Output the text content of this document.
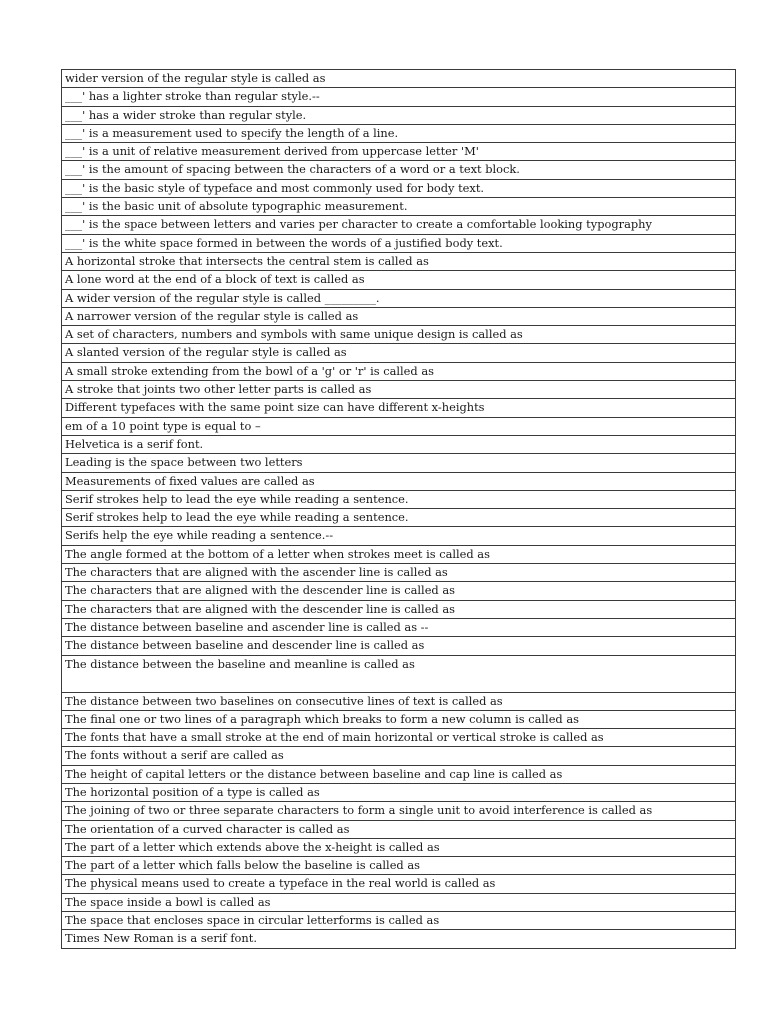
wider version of the regular style is called as
___' has a lighter stroke than regular style.--
___' has a wider stroke than regular style.
___' is a measurement used to specify the length of a line.
___' is a unit of relative measurement derived from uppercase letter 'M'
___' is the amount of spacing between the characters of a word or a text block.
___' is the basic style of typeface and most commonly used for body text.
___' is the basic unit of absolute typographic measurement.
___' is the space between letters and varies per character to create a comfortable looking typography
___' is the white space formed in between the words of a justified body text.
A horizontal stroke that intersects the central stem is called as
A lone word at the end of a block of text is called as
A wider version of the regular style is called _________.
A narrower version of the regular style is called as
A set of characters, numbers and symbols with same unique design is called as
A slanted version of the regular style is called as
A small stroke extending from the bowl of a 'g' or 'r' is called as
A stroke that joints two other letter parts is called as
Different typefaces with the same point size can have different x-heights
em of a 10 point type is equal to –
Helvetica is a serif font.
Leading is the space between two letters
Measurements of fixed values are called as
Serif strokes help to lead the eye while reading a sentence.
Serif strokes help to lead the eye while reading a sentence.
Serifs help the eye while reading a sentence.--
The angle formed at the bottom of a letter when strokes meet is called as
The characters that are aligned with the ascender line is called as
The characters that are aligned with the descender line is called as
The characters that are aligned with the descender line is called as
The distance between baseline and ascender line is called as --
The distance between baseline and descender line is called as
The distance between the baseline and meanline is called as
The distance between two baselines on consecutive lines of text is called as
The final one or two lines of a paragraph which breaks to form a new column is called as
The fonts that have a small stroke at the end of main horizontal or vertical stroke is called as
The fonts without a serif are called as
The height of capital letters or the distance between baseline and cap line is called as
The horizontal position of a type is called as
The joining of two or three separate characters to form a single unit to avoid interference is called as
The orientation of a curved character is called as
The part of a letter which extends above the x-height is called as
The part of a letter which falls below the baseline is called as
The physical means used to create a typeface in the real world is called as
The space inside a bowl is called as
The space that encloses space in circular letterforms is called as
Times New Roman is a serif font.
